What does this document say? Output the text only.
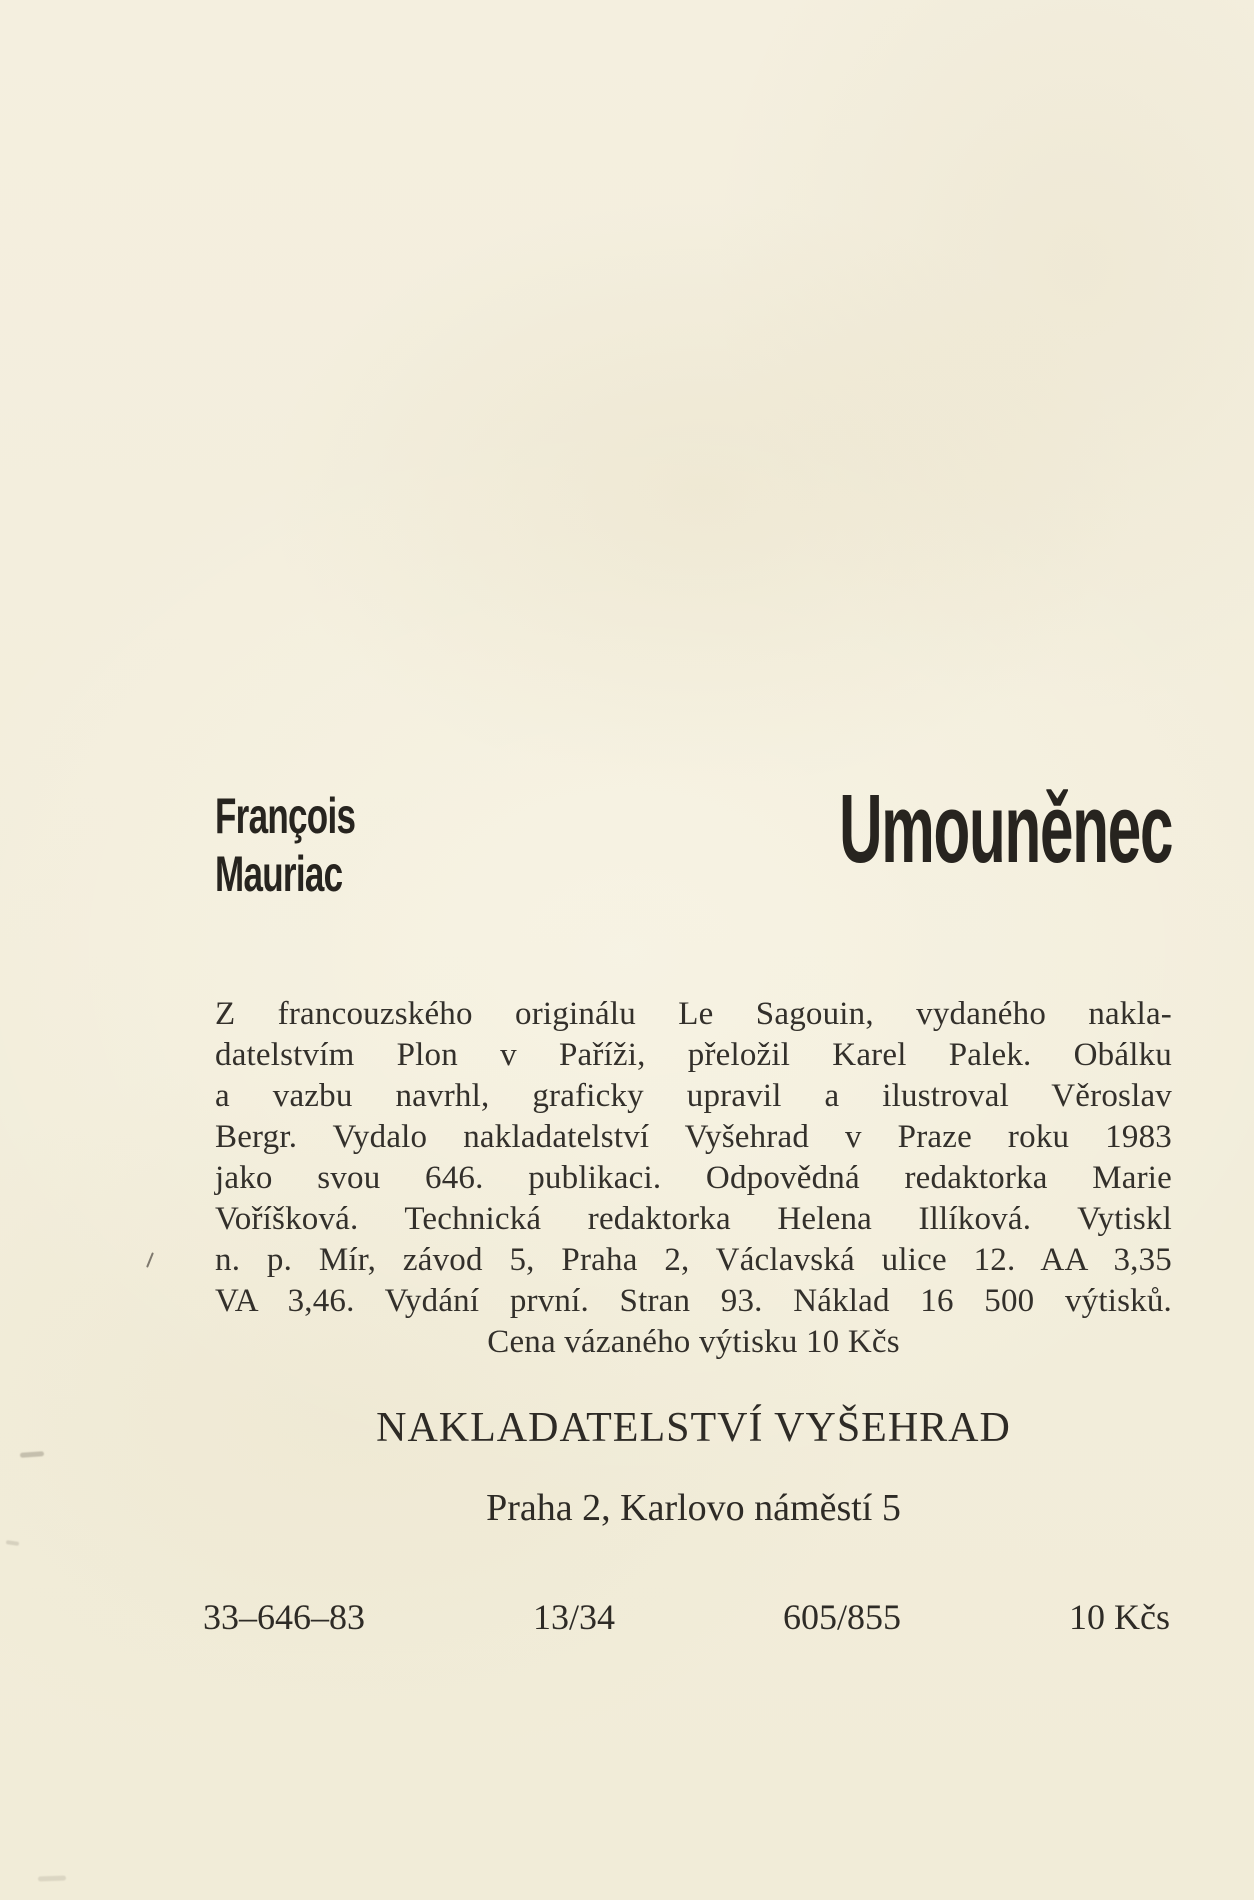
François
Mauriac	Umouněnec
Z francouzského originálu Le Sagouin, vydaného nakla-
datelstvím Plon v Paříži, přeložil Karel Palek. Obálku
a vazbu navrhl, graficky upravil a ilustroval Věroslav
Bergr. Vydalo nakladatelství Vyšehrad v Praze roku 1983
jako svou 646. publikaci. Odpovědná redaktorka Marie
Voříšková. Technická redaktorka Helena Illíková. Vytiskl
n. p. Mír, závod 5, Praha 2, Václavská ulice 12. AA 3,35
VA 3,46. Vydání první. Stran 93. Náklad 16 500 výtisků.
Cena vázaného výtisku 10 Kčs
NAKLADATELSTVÍ VYŠEHRAD
Praha 2, Karlovo náměstí 5
33–646–83	13/34	605/855	10 Kčs
